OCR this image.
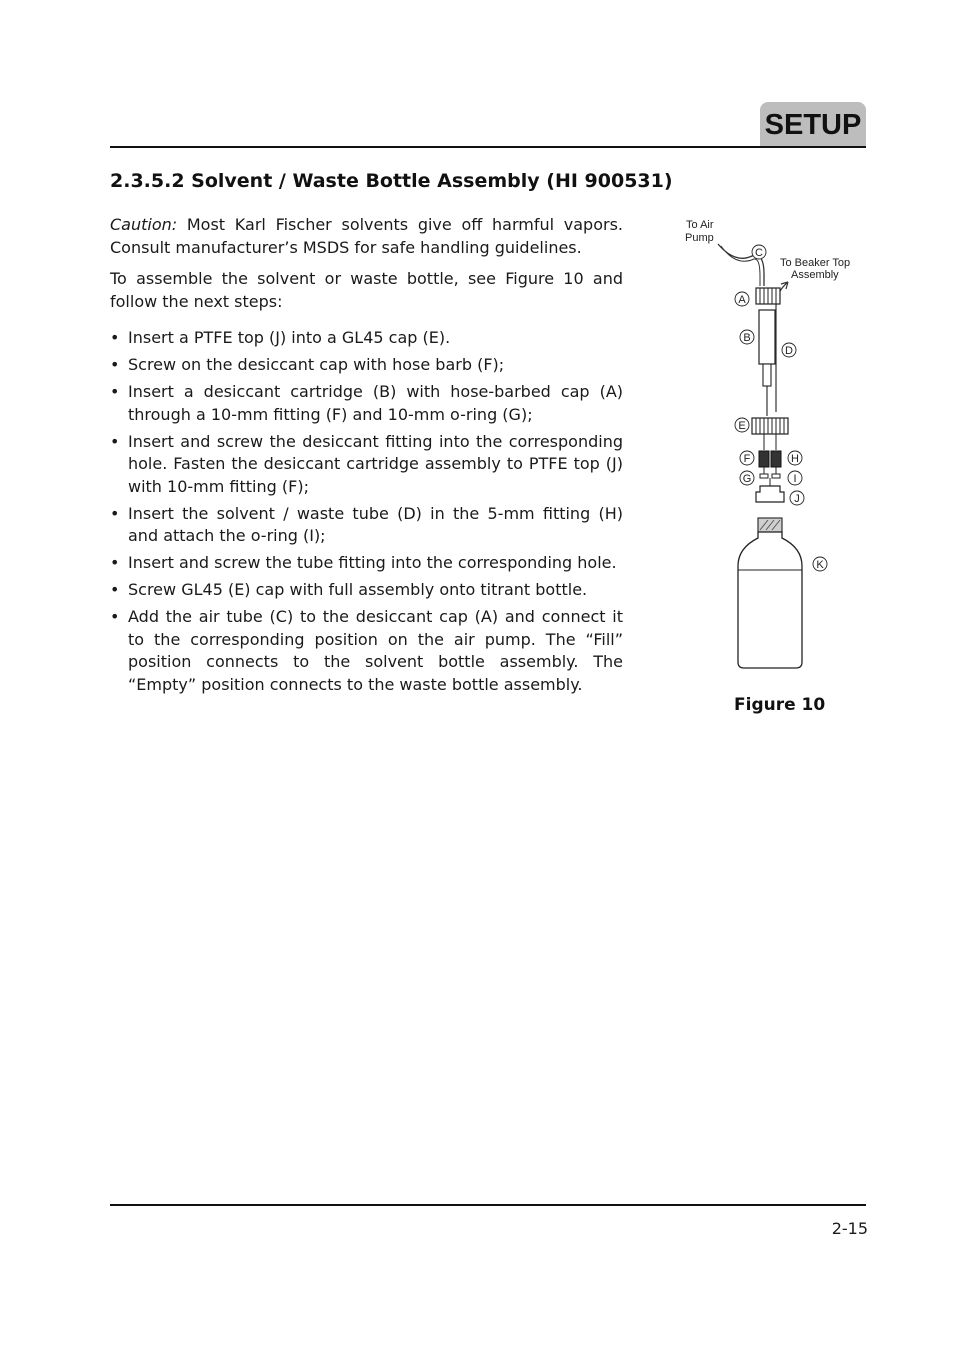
SETUP
2.3.5.2 Solvent / Waste Bottle Assembly (HI 900531)

Caution: Most Karl Fischer solvents give off harmful vapors. Consult manufacturer’s MSDS for safe handling guidelines.

To assemble the solvent or waste bottle, see Figure 10 and follow the next steps:

• Insert a PTFE top (J) into a GL45 cap (E).
• Screw on the desiccant cap with hose barb (F);
• Insert a desiccant cartridge (B) with hose-barbed cap (A) through a 10-mm fitting (F) and 10-mm o-ring (G);
• Insert and screw the desiccant fitting into the corresponding hole. Fasten the desiccant cartridge assembly to PTFE top (J) with 10-mm fitting (F);
• Insert the solvent / waste tube (D) in the 5-mm fitting (H) and attach the o-ring (I);
• Insert and screw the tube fitting into the corresponding hole.
• Screw GL45 (E) cap with full assembly onto titrant bottle.
• Add the air tube (C) to the desiccant cap (A) and connect it to the corresponding position on the air pump. The “Fill” position connects to the solvent bottle assembly. The “Empty” position connects to the waste bottle assembly.
To Air
Pump
To Beaker Top
Assembly
C
A
B
D
E
F	H
G	I
J
K

Figure 10

2-15
